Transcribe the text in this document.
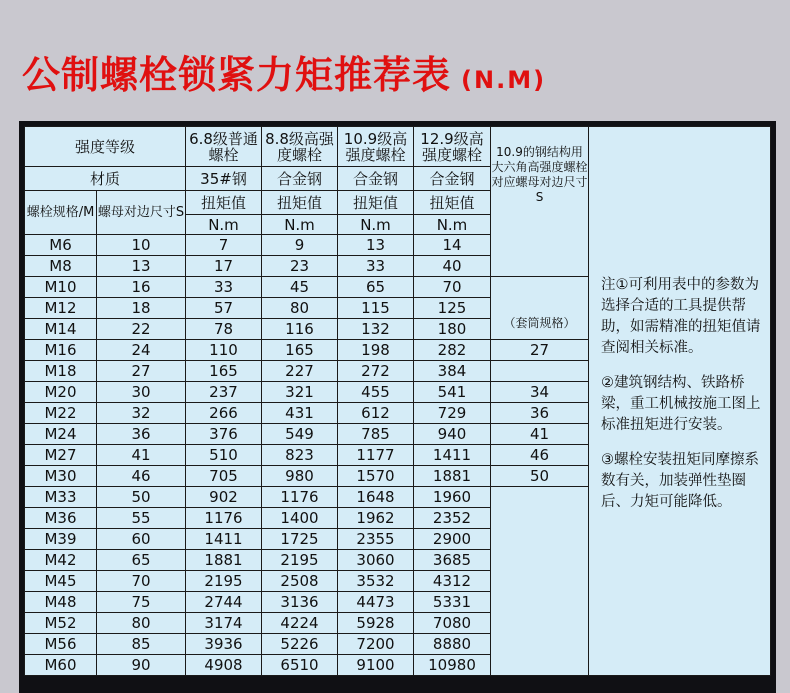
公制螺栓锁紧力矩推荐表 (N.M)
强度等级		6.8级普通螺栓	8.8级高强度螺栓	10.9级高强度螺栓	12.9级高强度螺栓	10.9的钢结构用大六角高强度螺栓对应螺母对边尺寸S	注①可利用表中的参数为选择合适的工具提供帮助，如需精准的扭矩值请查阅相关标准。

②建筑钢结构、铁路桥梁，重工机械按施工图上标准扭矩进行安装。

③螺栓安装扭矩同摩擦系数有关，加装弹性垫圈后、力矩可能降低。

材质		35#钢	合金钢	合金钢	合金钢		
螺栓规格/M	螺母对边尺寸S	扭矩值	扭矩值	扭矩值	扭矩值		
		N.m	N.m	N.m	N.m		
M6	10	7	9	13	14		
M8	13	17	23	33	40		
M10	16	33	45	65	70	（套筒规格）	
M12	18	57	80	115	125		
M14	22	78	116	132	180		
M16	24	110	165	198	282	27	
M18	27	165	227	272	384		
M20	30	237	321	455	541	34	
M22	32	266	431	612	729	36	
M24	36	376	549	785	940	41	
M27	41	510	823	1177	1411	46	
M30	46	705	980	1570	1881	50	
M33	50	902	1176	1648	1960		
M36	55	1176	1400	1962	2352		
M39	60	1411	1725	2355	2900		
M42	65	1881	2195	3060	3685		
M45	70	2195	2508	3532	4312		
M48	75	2744	3136	4473	5331		
M52	80	3174	4224	5928	7080		
M56	85	3936	5226	7200	8880		
M60	90	4908	6510	9100	10980		
